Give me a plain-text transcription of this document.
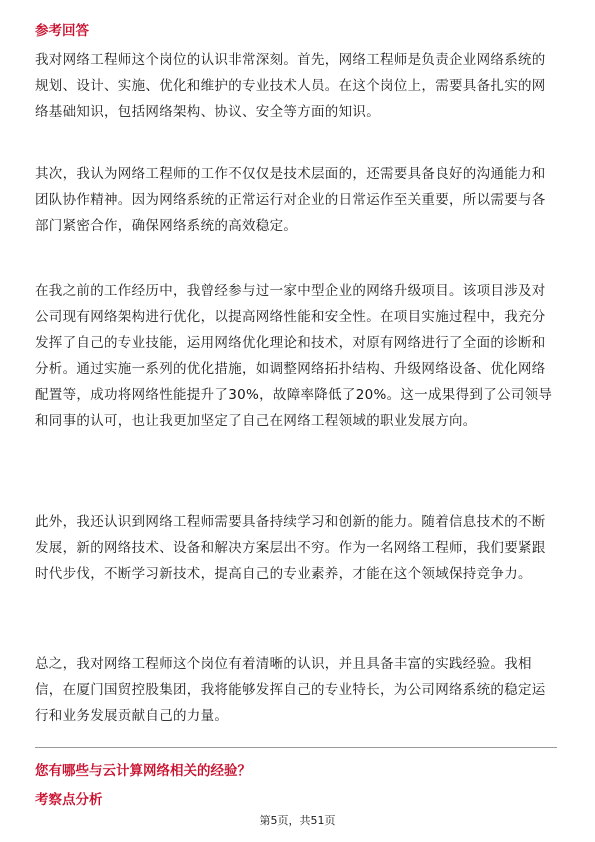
参考回答

我对网络工程师这个岗位的认识非常深刻。首先，网络工程师是负责企业网络系统的规划、设计、实施、优化和维护的专业技术人员。在这个岗位上，需要具备扎实的网络基础知识，包括网络架构、协议、安全等方面的知识。

其次，我认为网络工程师的工作不仅仅是技术层面的，还需要具备良好的沟通能力和团队协作精神。因为网络系统的正常运行对企业的日常运作至关重要，所以需要与各部门紧密合作，确保网络系统的高效稳定。

在我之前的工作经历中，我曾经参与过一家中型企业的网络升级项目。该项目涉及对公司现有网络架构进行优化，以提高网络性能和安全性。在项目实施过程中，我充分发挥了自己的专业技能，运用网络优化理论和技术，对原有网络进行了全面的诊断和分析。通过实施一系列的优化措施，如调整网络拓扑结构、升级网络设备、优化网络配置等，成功将网络性能提升了30%，故障率降低了20%。这一成果得到了公司领导和同事的认可，也让我更加坚定了自己在网络工程领域的职业发展方向。

此外，我还认识到网络工程师需要具备持续学习和创新的能力。随着信息技术的不断发展，新的网络技术、设备和解决方案层出不穷。作为一名网络工程师，我们要紧跟时代步伐，不断学习新技术，提高自己的专业素养，才能在这个领域保持竞争力。

总之，我对网络工程师这个岗位有着清晰的认识，并且具备丰富的实践经验。我相信，在厦门国贸控股集团，我将能够发挥自己的专业特长，为公司网络系统的稳定运行和业务发展贡献自己的力量。

您有哪些与云计算网络相关的经验？
考察点分析
第5页，共51页
